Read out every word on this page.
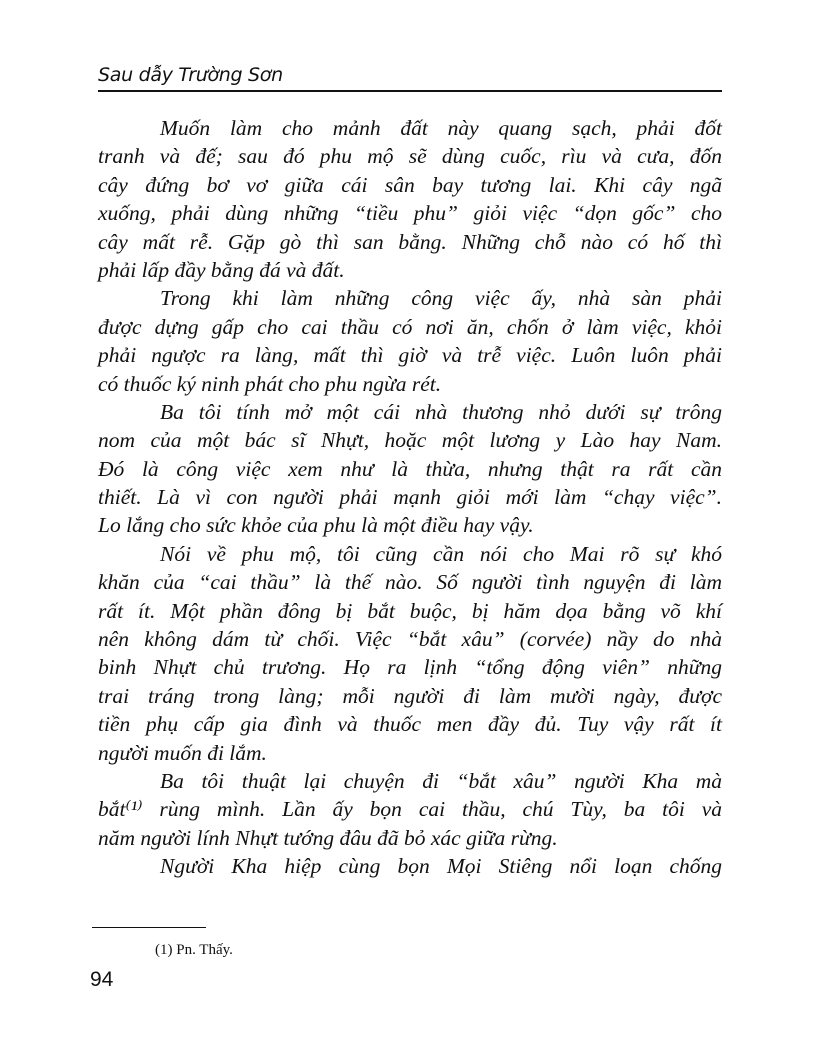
Sau dẫy Trường Sơn
Muốn làm cho mảnh đất này quang sạch, phải đốt
tranh và đế; sau đó phu mộ sẽ dùng cuốc, rìu và cưa, đốn
cây đứng bơ vơ giữa cái sân bay tương lai. Khi cây ngã
xuống, phải dùng những “tiều phu” giỏi việc “dọn gốc” cho
cây mất rễ. Gặp gò thì san bằng. Những chỗ nào có hố thì
phải lấp đầy bằng đá và đất.
Trong khi làm những công việc ấy, nhà sàn phải
được dựng gấp cho cai thầu có nơi ăn, chốn ở làm việc, khỏi
phải ngược ra làng, mất thì giờ và trễ việc. Luôn luôn phải
có thuốc ký ninh phát cho phu ngừa rét.
Ba tôi tính mở một cái nhà thương nhỏ dưới sự trông
nom của một bác sĩ Nhựt, hoặc một lương y Lào hay Nam.
Đó là công việc xem như là thừa, nhưng thật ra rất cần
thiết. Là vì con người phải mạnh giỏi mới làm “chạy việc”.
Lo lắng cho sức khỏe của phu là một điều hay vậy.
Nói về phu mộ, tôi cũng cần nói cho Mai rõ sự khó
khăn của “cai thầu” là thế nào. Số người tình nguyện đi làm
rất ít. Một phần đông bị bắt buộc, bị hăm dọa bằng võ khí
nên không dám từ chối. Việc “bắt xâu” (corvée) nầy do nhà
binh Nhựt chủ trương. Họ ra lịnh “tổng động viên” những
trai tráng trong làng; mỗi người đi làm mười ngày, được
tiền phụ cấp gia đình và thuốc men đầy đủ. Tuy vậy rất ít
người muốn đi lắm.
Ba tôi thuật lại chuyện đi “bắt xâu” người Kha mà
bắt⁽¹⁾ rùng mình. Lần ấy bọn cai thầu, chú Tùy, ba tôi và
năm người lính Nhựt tướng đâu đã bỏ xác giữa rừng.
Người Kha hiệp cùng bọn Mọi Stiêng nổi loạn chống
(1) Pn. Thấy.
94
